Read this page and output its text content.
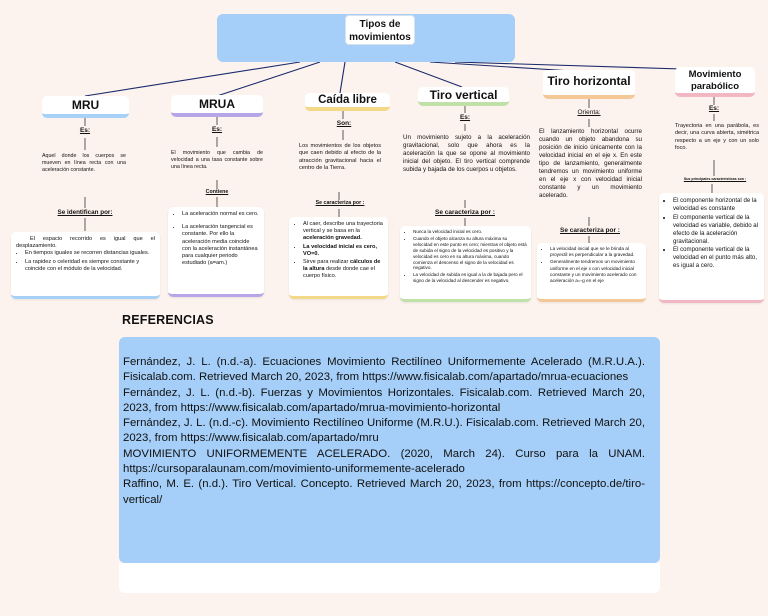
Tipos de movimientos
MRU
Es:
Aquel donde los cuerpos se mueven en línea recta con una aceleración constante.
Se identifican por:
El espacio recorrido es igual que el desplazamiento.
• En tiempos iguales se recorren distancias iguales.
• La rapidez o celeridad es siempre constante y coincide con el módulo de la velocidad.
MRUA
Es:
El movimiento que cambia de velocidad a una tasa constante sobre una línea recta.
Contiene
• La aceleración normal es cero.
• La aceleración tangencial es constante. Por ello la aceleración media coincide con la aceleración instantánea para cualquier periodo estudiado (a=am.)
Caída libre
Son:
Los movimientos de los objetos que caen debido al efecto de la atracción gravitacional hacia el centro de la Tierra.
Se caracteriza por :
• Al caer, describe una trayectoria vertical y se basa en la aceleración gravedad.
• La velocidad inicial es cero, VO=0.
• Sirve para realizar cálculos de la altura desde donde cae el cuerpo físico.
Tiro vertical
Es:
Un movimiento sujeto a la aceleración gravitacional, solo que ahora es la aceleración la que se opone al movimiento inicial del objeto. El tiro vertical comprende subida y bajada de los cuerpos u objetos.
Se caracteriza por :
• Nunca la velocidad inicial es cero.
• Cuando el objeto alcanza su altura máxima su velocidad en este punto es cero; mientras el objeto está de subida el signo de la velocidad es positivo y la velocidad es cero en su altura máxima, cuando comienza el descenso el signo de la velocidad es negativo.
• La velocidad de subida es igual a la de bajada pero el signo de la velocidad al descender es negativo.
Tiro horizontal
Orienta:
El lanzamiento horizontal ocurre cuando un objeto abandona su posición de inicio únicamente con la velocidad inicial en el eje x. En este tipo de lanzamiento, generalmente tendremos un movimiento uniforme en el eje x con velocidad inicial constante y un movimiento acelerado.
Se caracteriza por :
• La velocidad inicial que se le brinda al proyectil es perpendicular a la gravedad.
• Generalmente tendremos un movimiento uniforme en el eje x con velocidad inicial constante y un movimiento acelerado con aceleración a=-g en el eje
Movimiento parabólico
Es:
Trayectoria en una parábola, es decir, una curva abierta, simétrica respecto a un eje y con un solo foco.
Sus principales características son :
• El componente horizontal de la velocidad es constante
• El componente vertical de la velocidad es variable, debido al efecto de la aceleración gravitacional.
• El componente vertical de la velocidad en el punto más alto, es igual a cero.
REFERENCIAS
Fernández, J. L. (n.d.-a). Ecuaciones Movimiento Rectilíneo Uniformemente Acelerado (M.R.U.A.). Fisicalab.com. Retrieved March 20, 2023, from https://www.fisicalab.com/apartado/mrua-ecuaciones
Fernández, J. L. (n.d.-b). Fuerzas y Movimientos Horizontales. Fisicalab.com. Retrieved March 20, 2023, from https://www.fisicalab.com/apartado/mrua-movimiento-horizontal
Fernández, J. L. (n.d.-c). Movimiento Rectilíneo Uniforme (M.R.U.). Fisicalab.com. Retrieved March 20, 2023, from https://www.fisicalab.com/apartado/mru
MOVIMIENTO UNIFORMEMENTE ACELERADO. (2020, March 24). Curso para la UNAM. https://cursoparalaunam.com/movimiento-uniformemente-acelerado
Raffino, M. E. (n.d.). Tiro Vertical. Concepto. Retrieved March 20, 2023, from https://concepto.de/tiro-vertical/
